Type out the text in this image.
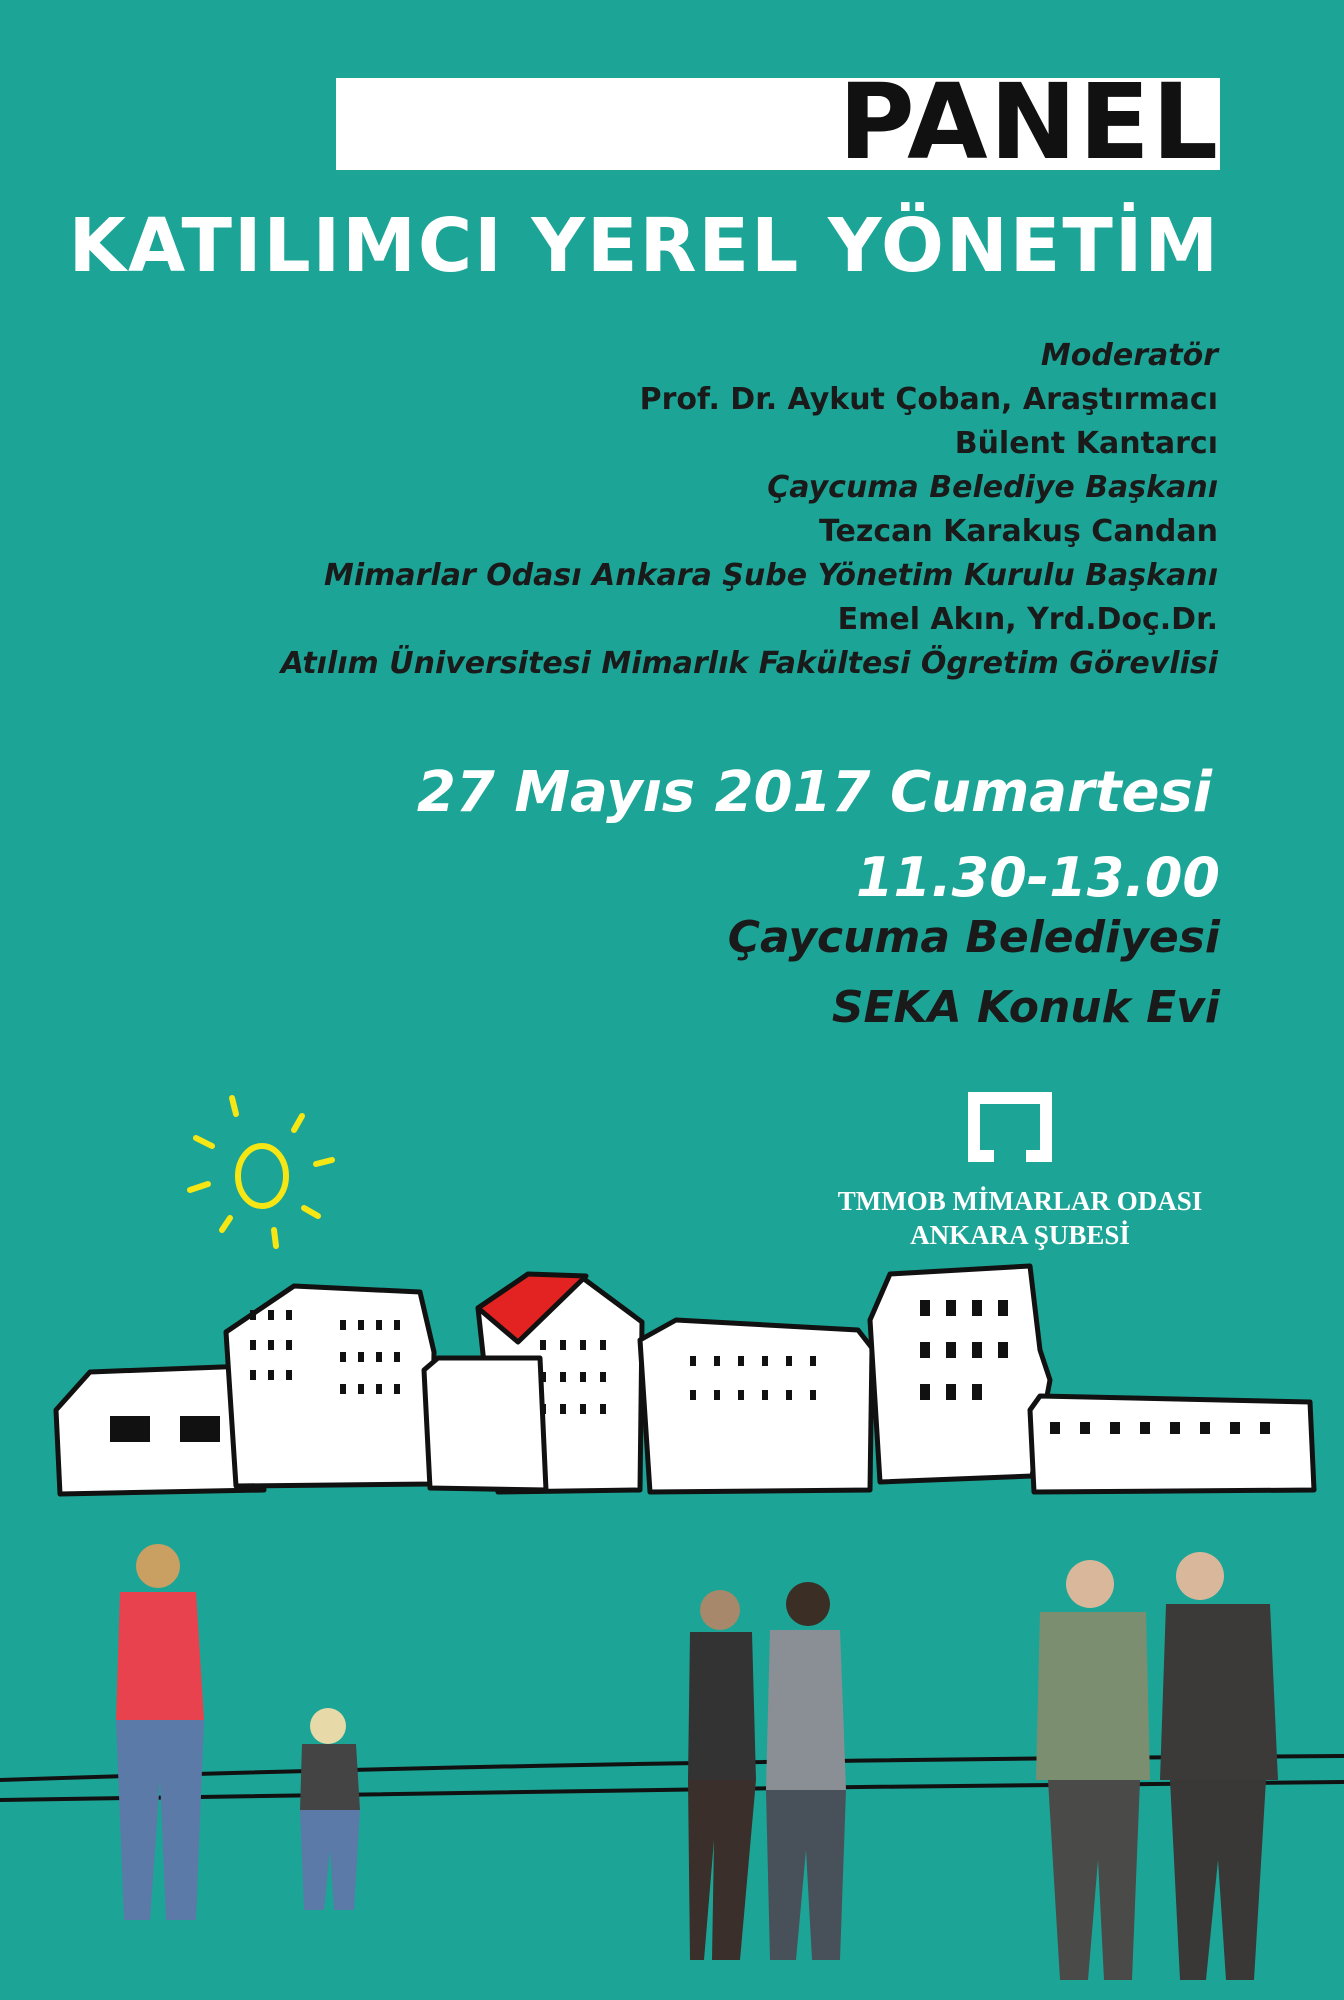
PANEL
KATILIMCI YEREL YÖNETİM
Moderatör
Prof. Dr. Aykut Çoban, Araştırmacı
Bülent Kantarcı
Çaycuma Belediye Başkanı
Tezcan Karakuş Candan
Mimarlar Odası Ankara Şube Yönetim Kurulu Başkanı
Emel Akın, Yrd.Doç.Dr.
Atılım Üniversitesi Mimarlık Fakültesi Ögretim Görevlisi
27 Mayıs 2017 Cumartesi
11.30-13.00
Çaycuma Belediyesi
SEKA Konuk Evi
TMMOB MİMARLAR ODASI
ANKARA ŞUBESİ
